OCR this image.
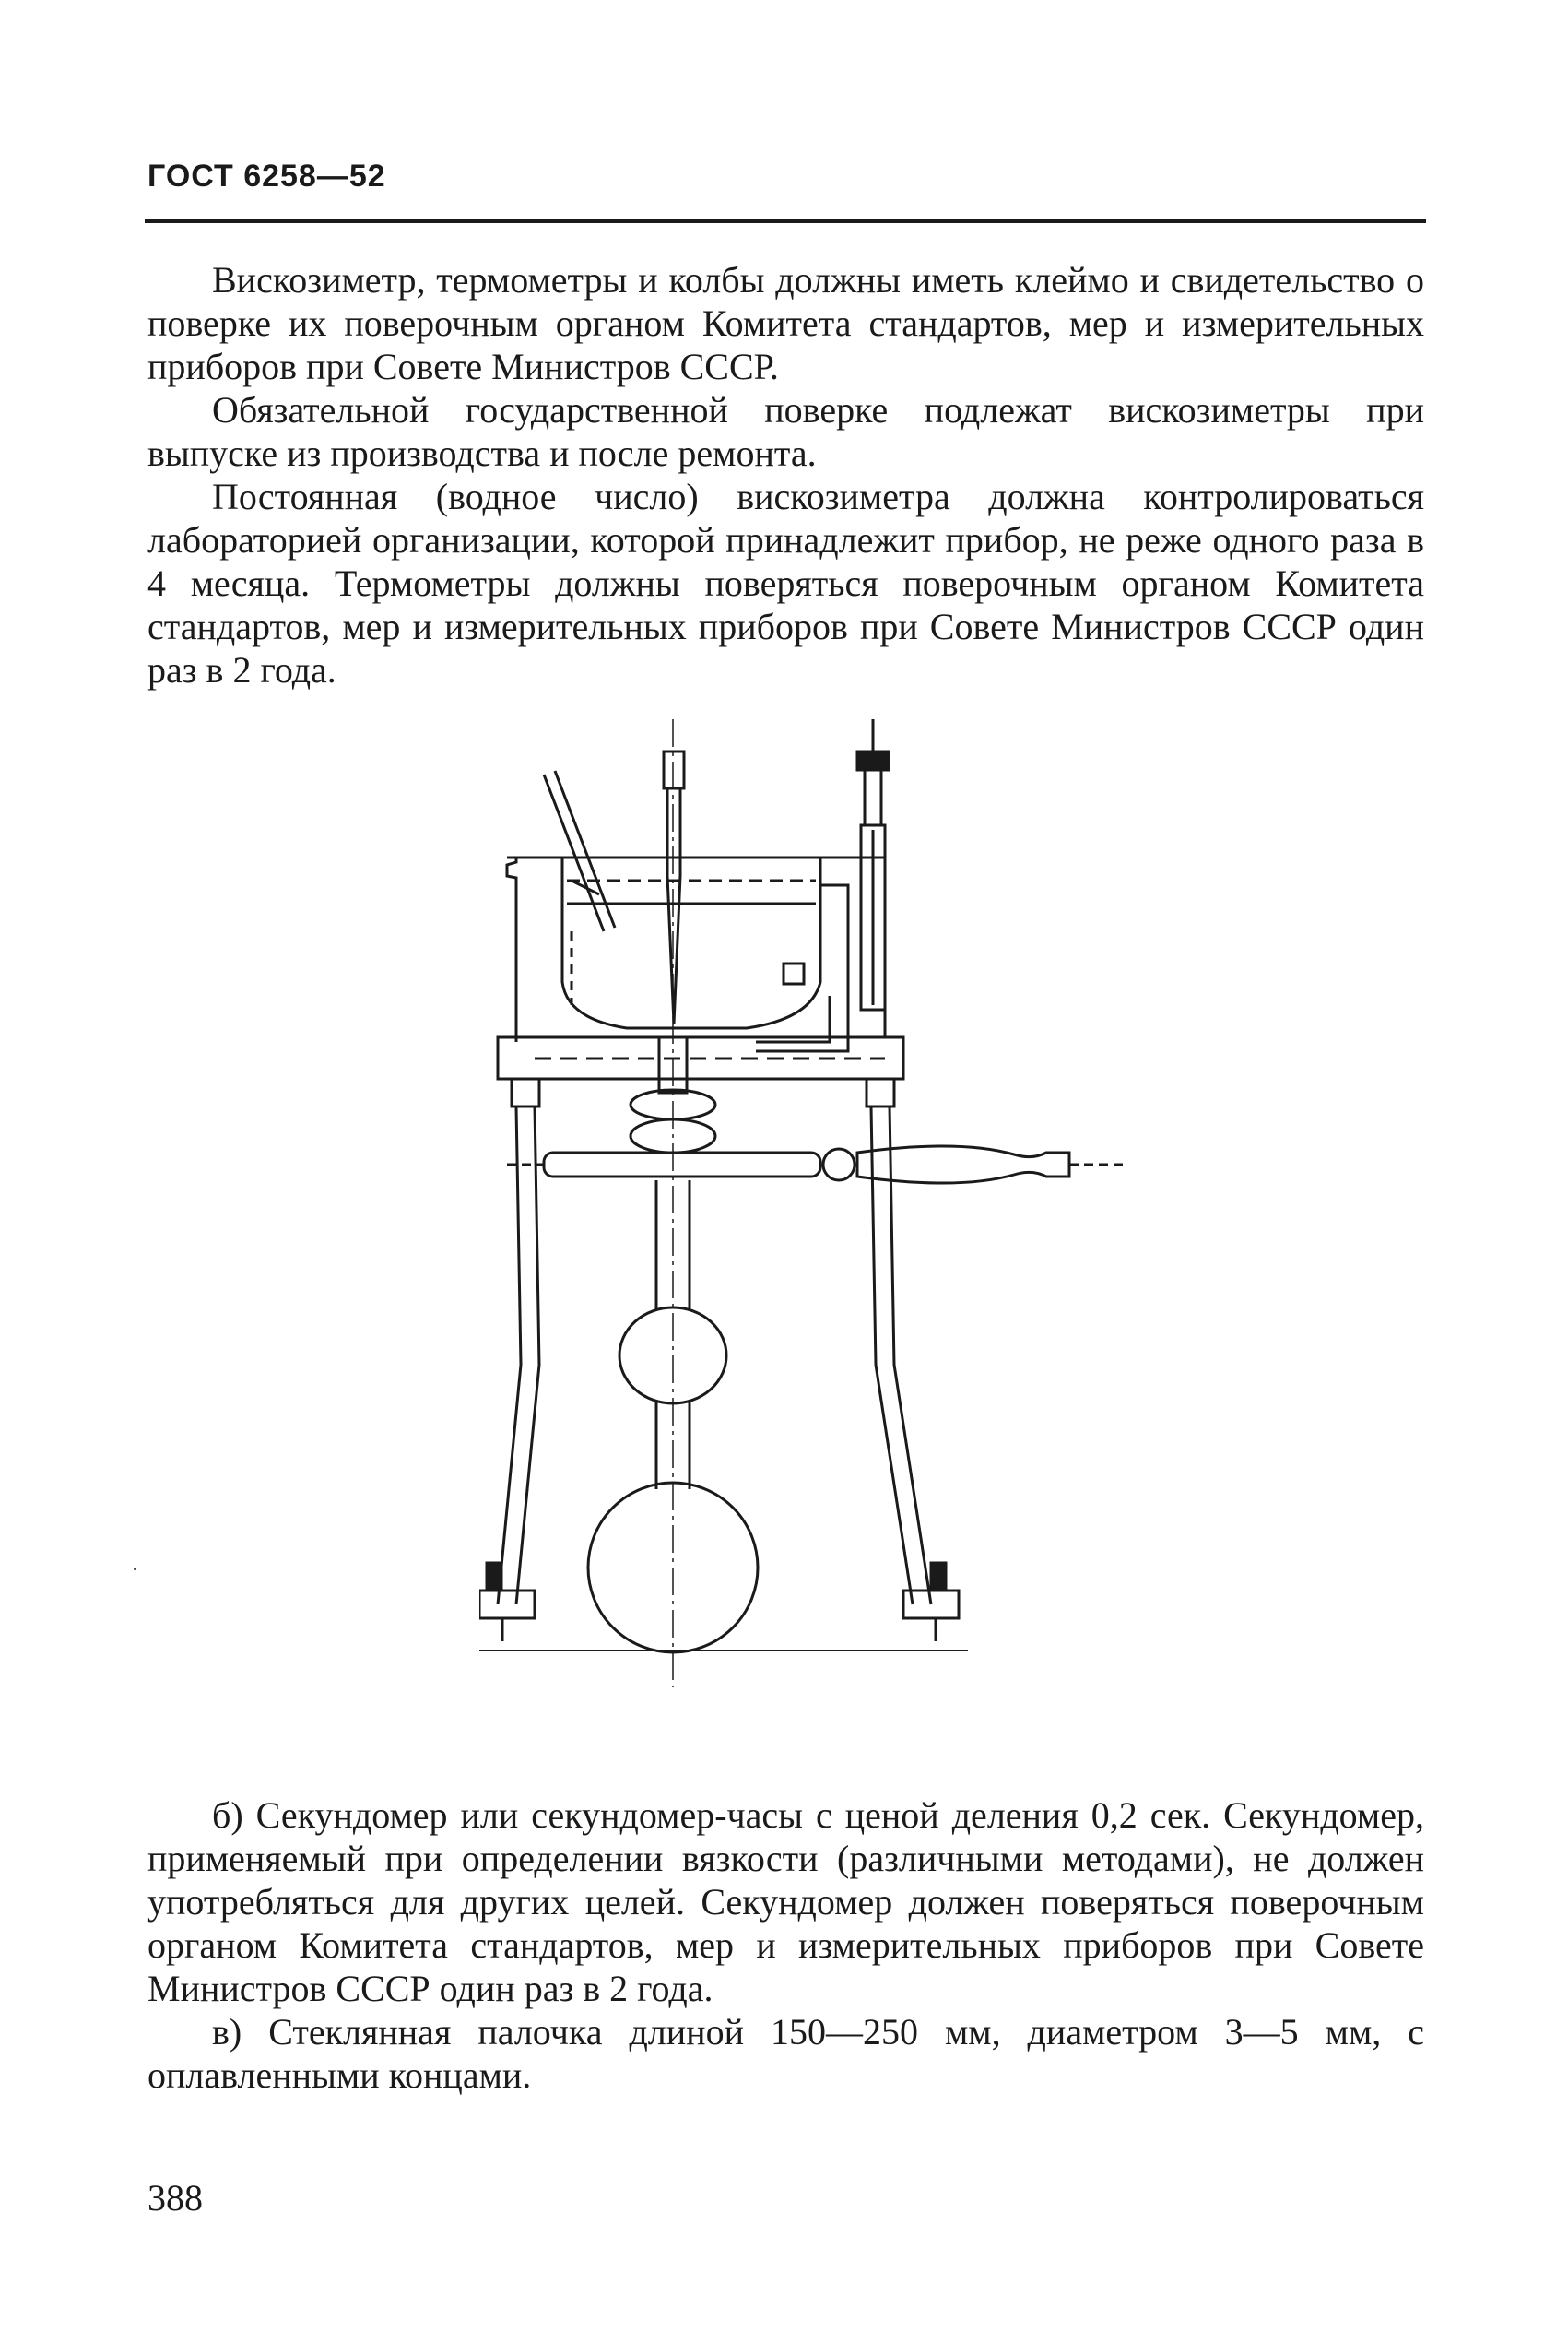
ГОСТ 6258—52

Вискозиметр, термометры и колбы должны иметь клеймо и свидетельство о поверке их поверочным органом Комитета стандартов, мер и измерительных приборов при Совете Министров СССР.

Обязательной государственной поверке подлежат вискозиметры при выпуске из производства и после ремонта.

Постоянная (водное число) вискозиметра должна контролироваться лабораторией организации, которой принадлежит прибор, не реже одного раза в 4 месяца. Термометры должны поверяться поверочным органом Комитета стандартов, мер и измерительных приборов при Совете Министров СССР один раз в 2 года.

б) Секундомер или секундомер-часы с ценой деления 0,2 сек. Секундомер, применяемый при определении вязкости (различными методами), не должен употребляться для других целей. Секундомер должен поверяться поверочным органом Комитета стандартов, мер и измерительных приборов при Совете Министров СССР один раз в 2 года.

в) Стеклянная палочка длиной 150—250 мм, диаметром 3—5 мм, с оплавленными концами.

388
